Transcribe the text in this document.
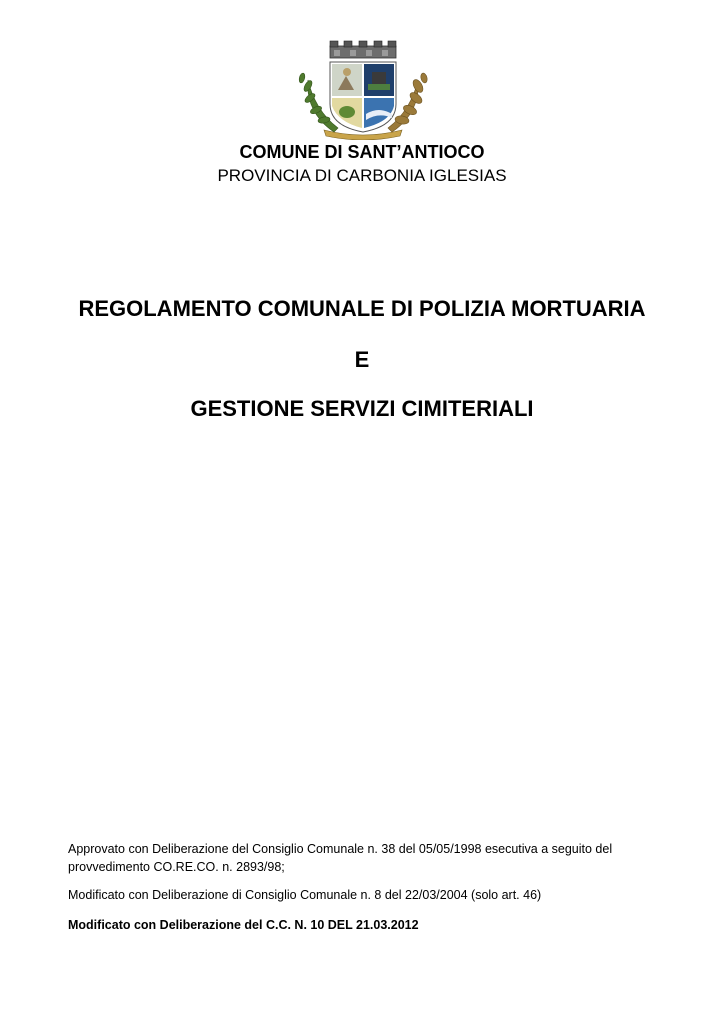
COMUNE DI SANT’ANTIOCO
PROVINCIA DI CARBONIA IGLESIAS
REGOLAMENTO COMUNALE DI POLIZIA MORTUARIA
E
GESTIONE SERVIZI CIMITERIALI
Approvato con Deliberazione del Consiglio Comunale n. 38 del 05/05/1998 esecutiva a seguito del provvedimento CO.RE.CO. n. 2893/98;
Modificato con Deliberazione di Consiglio Comunale n. 8 del 22/03/2004 (solo art. 46)
Modificato con Deliberazione del C.C. N. 10 DEL 21.03.2012
